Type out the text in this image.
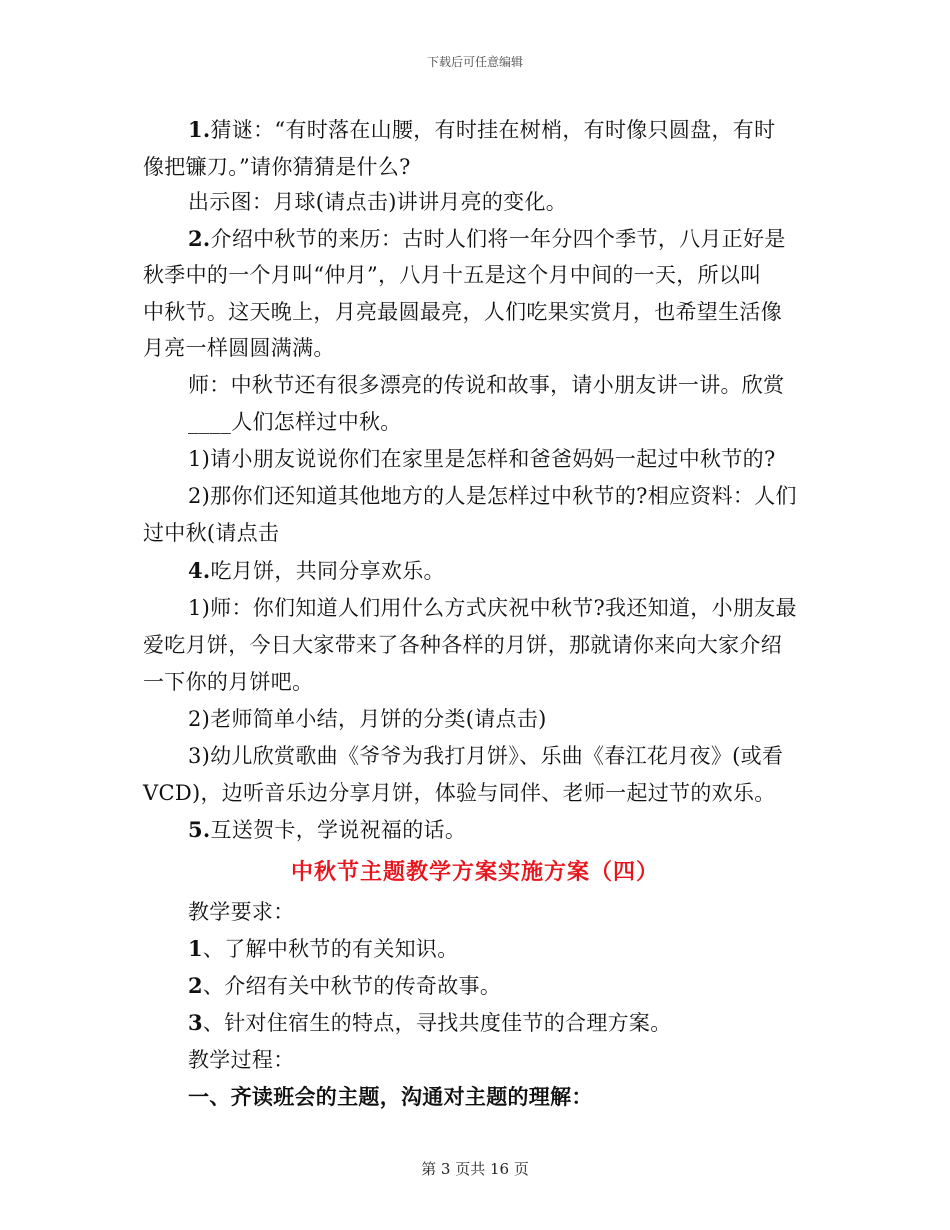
下载后可任意编辑
1.猜谜：“有时落在山腰，有时挂在树梢，有时像只圆盘，有时
像把镰刀。”请你猜猜是什么?
出示图：月球(请点击)讲讲月亮的变化。
2.介绍中秋节的来历：古时人们将一年分四个季节，八月正好是
秋季中的一个月叫“仲月”，八月十五是这个月中间的一天，所以叫
中秋节。这天晚上，月亮最圆最亮，人们吃果实赏月，也希望生活像
月亮一样圆圆满满。
师：中秋节还有很多漂亮的传说和故事，请小朋友讲一讲。欣赏
____人们怎样过中秋。
1)请小朋友说说你们在家里是怎样和爸爸妈妈一起过中秋节的?
2)那你们还知道其他地方的人是怎样过中秋节的?相应资料：人们
过中秋(请点击
4.吃月饼，共同分享欢乐。
1)师：你们知道人们用什么方式庆祝中秋节?我还知道，小朋友最
爱吃月饼，今日大家带来了各种各样的月饼，那就请你来向大家介绍
一下你的月饼吧。
2)老师简单小结，月饼的分类(请点击)
3)幼儿欣赏歌曲《爷爷为我打月饼》、乐曲《春江花月夜》(或看
VCD)，边听音乐边分享月饼，体验与同伴、老师一起过节的欢乐。
5.互送贺卡，学说祝福的话。
中秋节主题教学方案实施方案（四）
教学要求：
1、了解中秋节的有关知识。
2、介绍有关中秋节的传奇故事。
3、针对住宿生的特点，寻找共度佳节的合理方案。
教学过程：
一、齐读班会的主题，沟通对主题的理解：
第 3 页共 16 页
